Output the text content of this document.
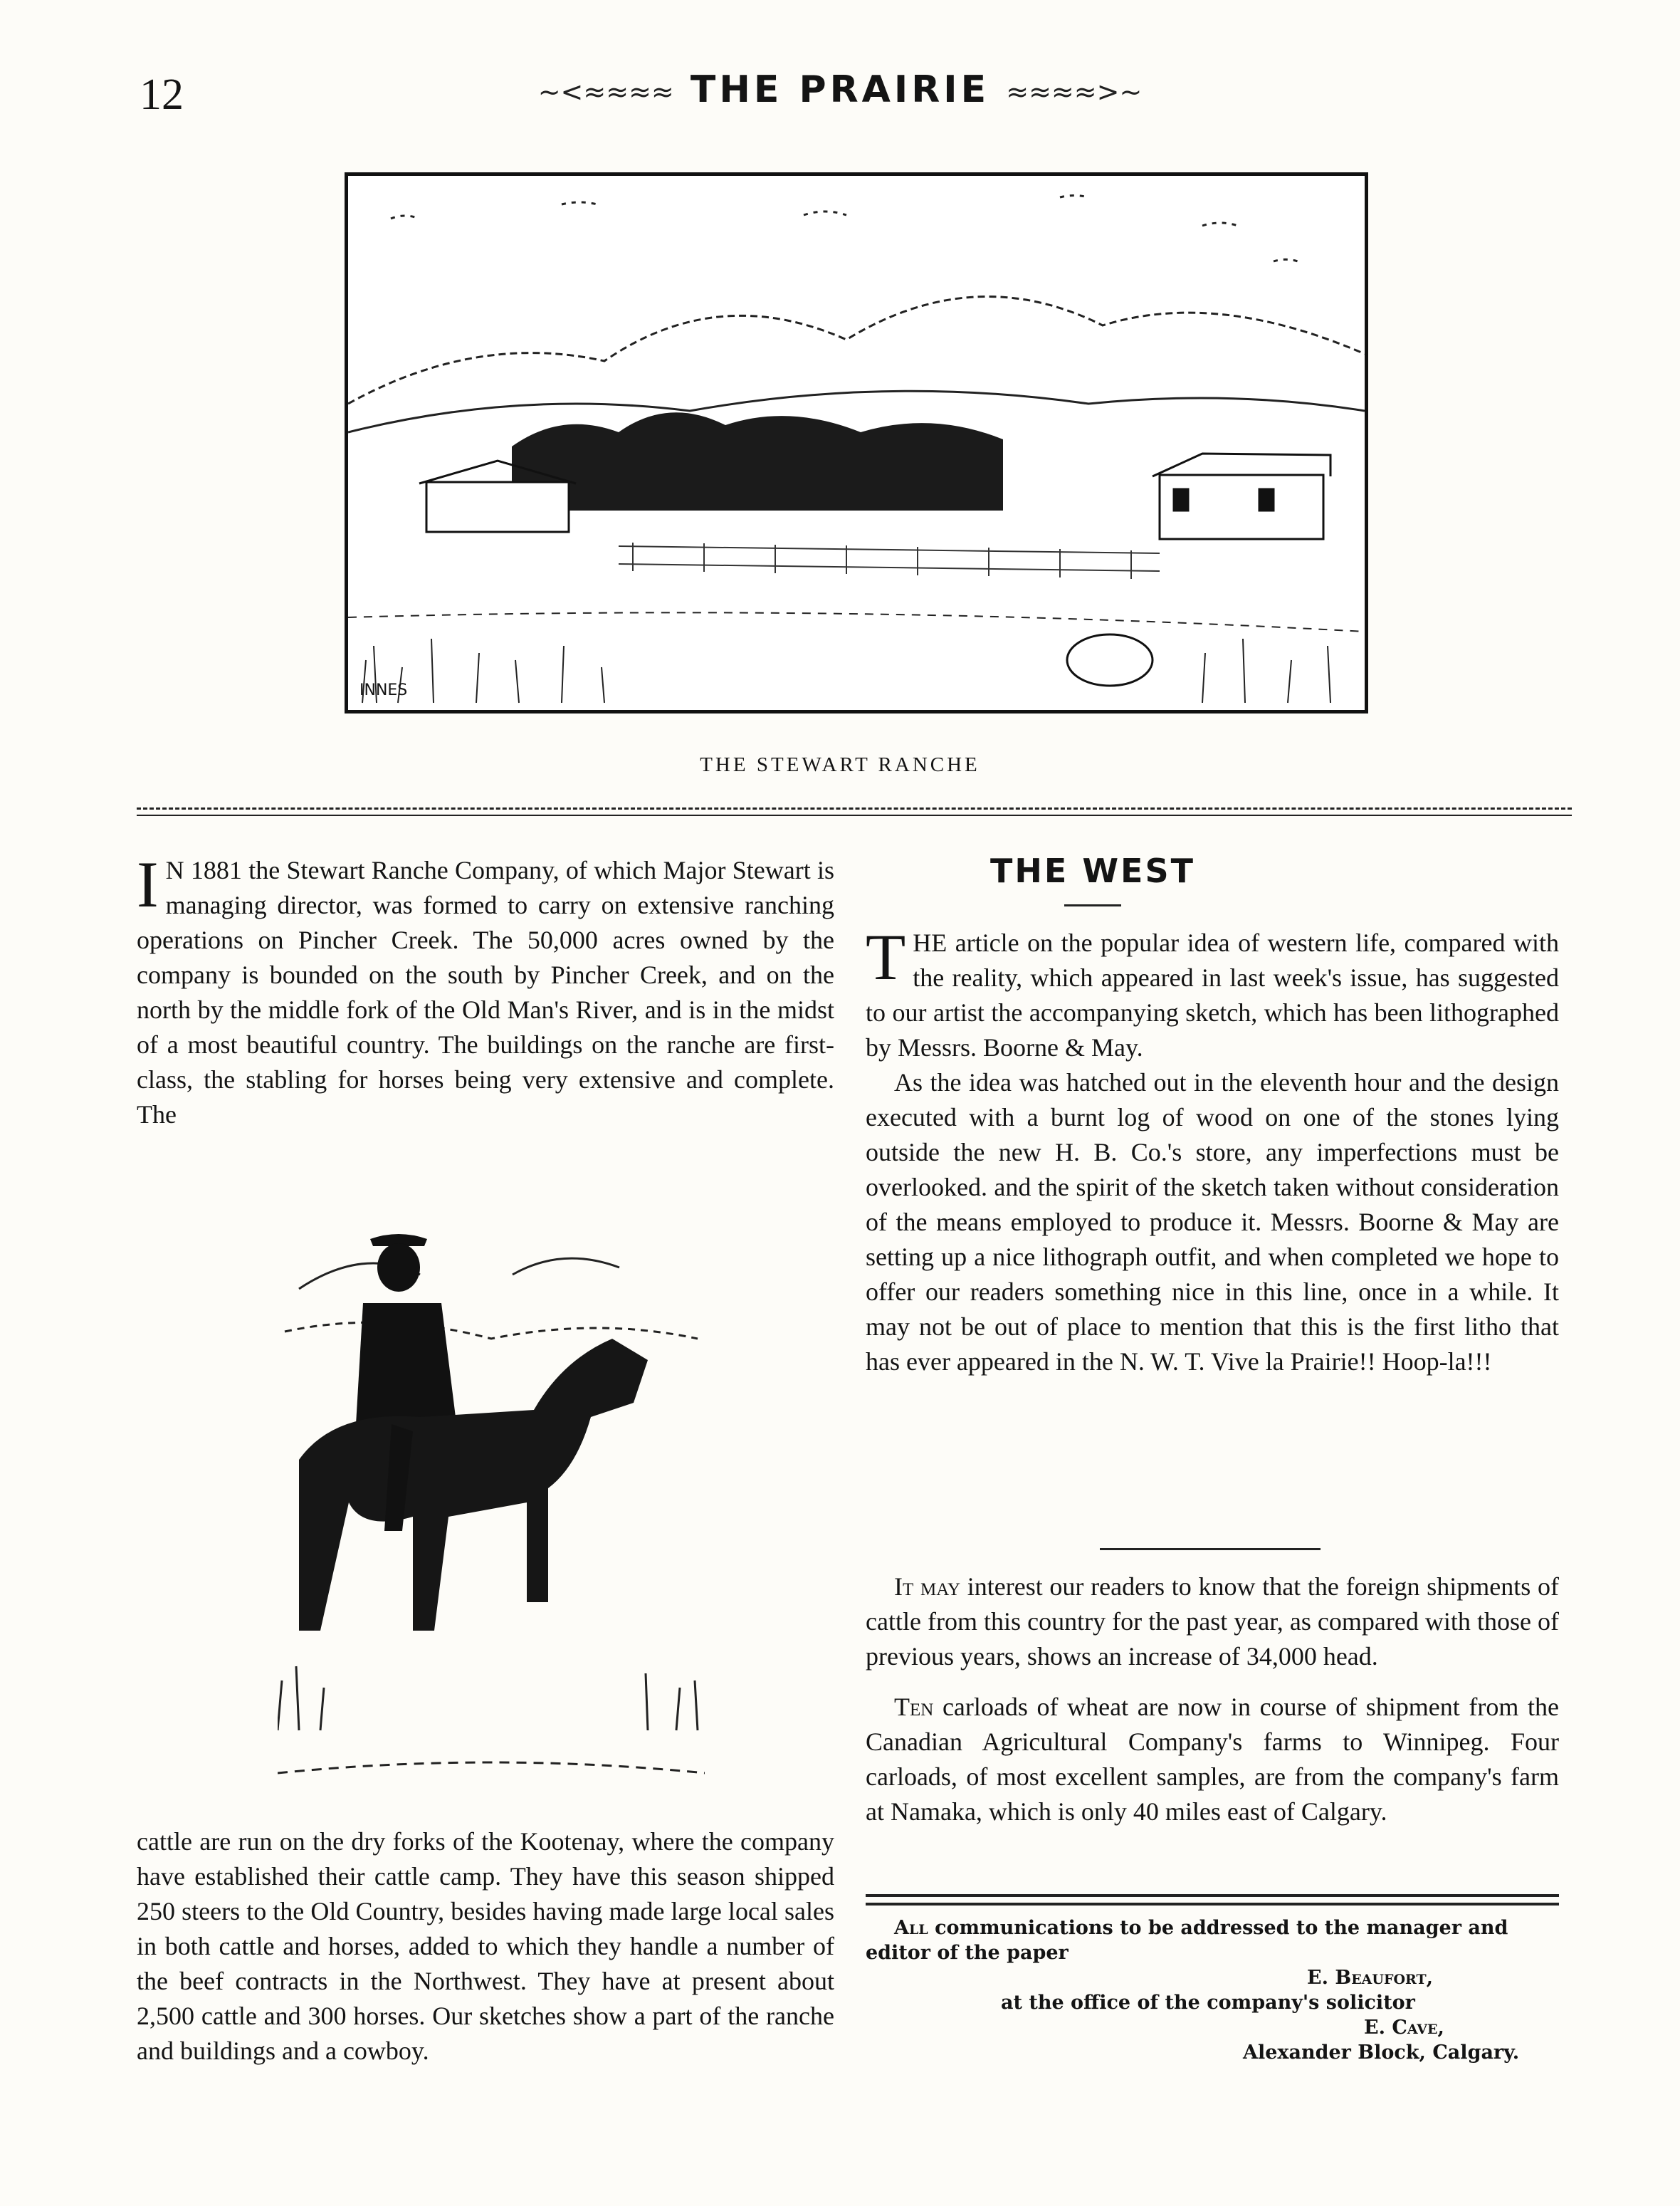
12	~<≈≈≈≈ THE PRAIRIE ≈≈≈≈>~
INNES
THE STEWART RANCHE

I N 1881 the Stewart Ranche Company, of which Major Stewart is managing director, was formed to carry on extensive ranching operations on Pincher Creek. The 50,000 acres owned by the company is bounded on the south by Pincher Creek, and on the north by the middle fork of the Old Man's River, and is in the midst of a most beautiful country. The buildings on the ranche are first-class, the stabling for horses being very extensive and complete. The

cattle are run on the dry forks of the Kootenay, where the company have established their cattle camp. They have this season shipped 250 steers to the Old Country, besides having made large local sales in both cattle and horses, added to which they handle a number of the beef contracts in the Northwest. They have at present about 2,500 cattle and 300 horses. Our sketches show a part of the ranche and buildings and a cowboy.

THE WEST

THE article on the popular idea of western life, compared with the reality, which appeared in last week's issue, has suggested to our artist the accompanying sketch, which has been lithographed by Messrs. Boorne & May.

As the idea was hatched out in the eleventh hour and the design executed with a burnt log of wood on one of the stones lying outside the new H. B. Co.'s store, any imperfections must be overlooked. and the spirit of the sketch taken without consideration of the means employed to produce it. Messrs. Boorne & May are setting up a nice lithograph outfit, and when completed we hope to offer our readers something nice in this line, once in a while. It may not be out of place to mention that this is the first litho that has ever appeared in the N. W. T. Vive la Prairie!! Hoop-la!!!

It may interest our readers to know that the foreign shipments of cattle from this country for the past year, as compared with those of previous years, shows an increase of 34,000 head.

Ten carloads of wheat are now in course of shipment from the Canadian Agricultural Company's farms to Winnipeg. Four carloads, of most excellent samples, are from the company's farm at Namaka, which is only 40 miles east of Calgary.

All communications to be addressed to the manager and editor of the paper
E. Beaufort,
at the office of the company's solicitor
E. Cave,
Alexander Block, Calgary.
